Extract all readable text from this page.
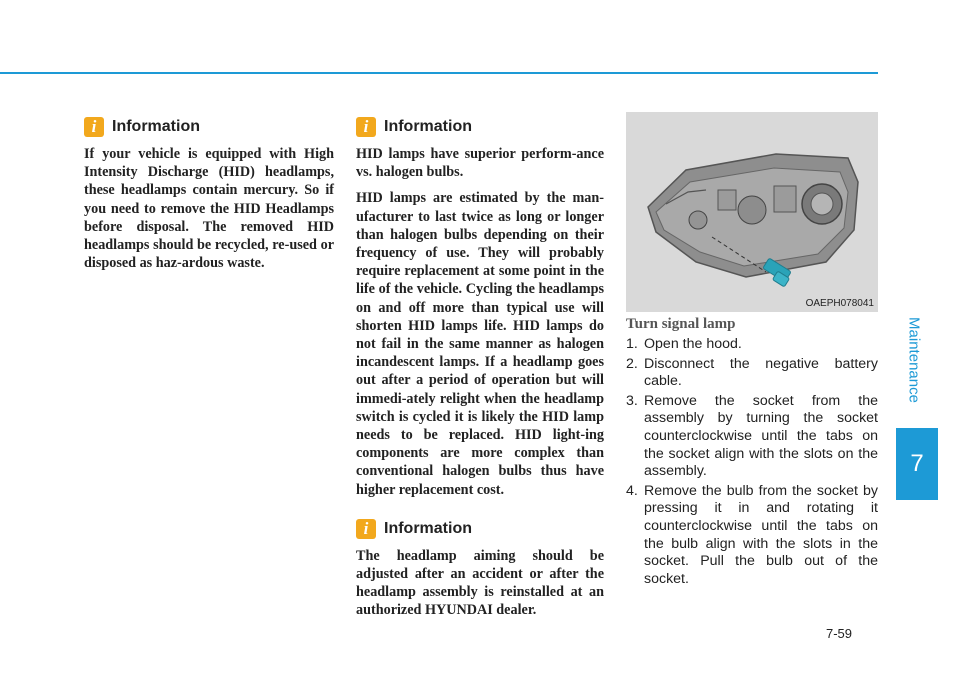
Maintenance
7
i Information

If your vehicle is equipped with High Intensity Discharge (HID) headlamps, these headlamps contain mercury. So if you need to remove the HID Headlamps before disposal. The removed HID headlamps should be recycled, re-used or disposed as haz-ardous waste.

i Information

HID lamps have superior perform-ance vs. halogen bulbs.

HID lamps are estimated by the man-ufacturer to last twice as long or longer than halogen bulbs depending on their frequency of use. They will probably require replacement at some point in the life of the vehicle. Cycling the headlamps on and off more than typical use will shorten HID lamps life. HID lamps do not fail in the same manner as halogen incandescent lamps. If a headlamp goes out after a period of operation but will immedi-ately relight when the headlamp switch is cycled it is likely the HID lamp needs to be replaced. HID light-ing components are more complex than conventional halogen bulbs thus have higher replacement cost.

i Information

The headlamp aiming should be adjusted after an accident or after the headlamp assembly is reinstalled at an authorized HYUNDAI dealer.

OAEPH078041
Turn signal lamp
1. Open the hood.
2. Disconnect the negative battery cable.
3. Remove the socket from the assembly by turning the socket counterclockwise until the tabs on the socket align with the slots on the assembly.
4. Remove the bulb from the socket by pressing it in and rotating it counterclockwise until the tabs on the bulb align with the slots in the socket. Pull the bulb out of the socket.
7-59
